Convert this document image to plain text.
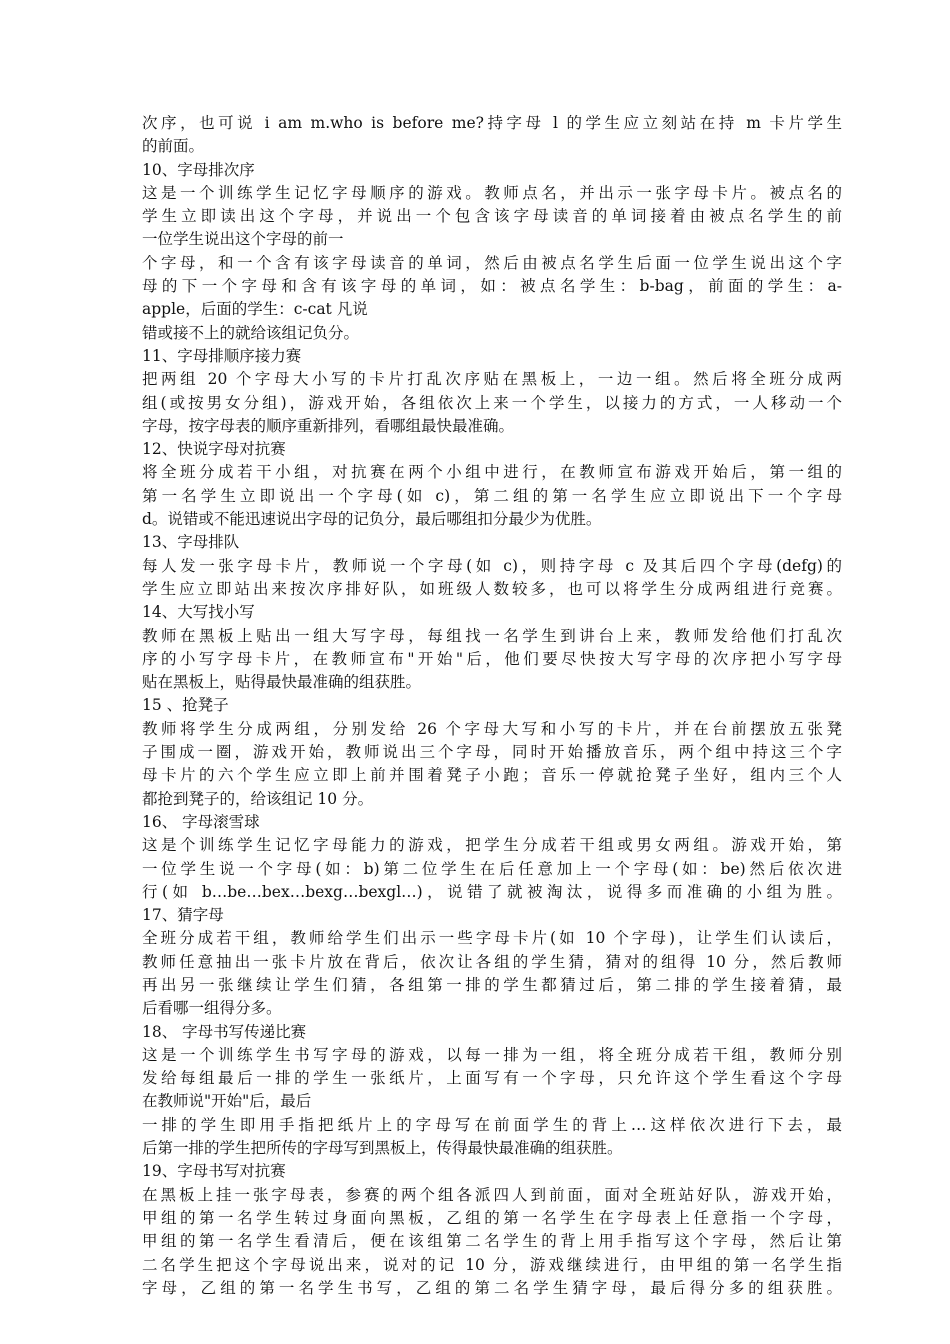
次序，也可说 i am m.who is before me?持字母 l 的学生应立刻站在持 m 卡片学生
的前面。
10、字母排次序
这是一个训练学生记忆字母顺序的游戏。教师点名，并出示一张字母卡片。被点名的
学生立即读出这个字母，并说出一个包含该字母读音的单词接着由被点名学生的前
一位学生说出这个字母的前一
个字母，和一个含有该字母读音的单词，然后由被点名学生后面一位学生说出这个字
母的下一个字母和含有该字母的单词，如：被点名学生：b-bag，前面的学生：a-
apple，后面的学生：c-cat 凡说
错或接不上的就给该组记负分。
11、字母排顺序接力赛
把两组 20 个字母大小写的卡片打乱次序贴在黑板上，一边一组。然后将全班分成两
组(或按男女分组)，游戏开始，各组依次上来一个学生，以接力的方式，一人移动一个
字母，按字母表的顺序重新排列，看哪组最快最准确。
12、快说字母对抗赛
将全班分成若干小组，对抗赛在两个小组中进行，在教师宣布游戏开始后，第一组的
第一名学生立即说出一个字母(如 c)，第二组的第一名学生应立即说出下一个字母
d。说错或不能迅速说出字母的记负分，最后哪组扣分最少为优胜。
13、字母排队
每人发一张字母卡片，教师说一个字母(如 c)，则持字母 c 及其后四个字母(defg)的
学生应立即站出来按次序排好队，如班级人数较多，也可以将学生分成两组进行竞赛。
14、大写找小写
教师在黑板上贴出一组大写字母，每组找一名学生到讲台上来，教师发给他们打乱次
序的小写字母卡片，在教师宣布"开始"后，他们要尽快按大写字母的次序把小写字母
贴在黑板上，贴得最快最准确的组获胜。
15 、抢凳子
教师将学生分成两组，分别发给 26 个字母大写和小写的卡片，并在台前摆放五张凳
子围成一圈，游戏开始，教师说出三个字母，同时开始播放音乐，两个组中持这三个字
母卡片的六个学生应立即上前并围着凳子小跑；音乐一停就抢凳子坐好，组内三个人
都抢到凳子的，给该组记 10 分。
16、 字母滚雪球
这是个训练学生记忆字母能力的游戏，把学生分成若干组或男女两组。游戏开始，第
一位学生说一个字母(如：b)第二位学生在后任意加上一个字母(如：be)然后依次进
行(如 b…be…bex…bexg…bexgl…)，说错了就被淘汰，说得多而准确的小组为胜。
17、猜字母
全班分成若干组，教师给学生们出示一些字母卡片(如 10 个字母)，让学生们认读后，
教师任意抽出一张卡片放在背后，依次让各组的学生猜，猜对的组得 10 分，然后教师
再出另一张继续让学生们猜，各组第一排的学生都猜过后，第二排的学生接着猜，最
后看哪一组得分多。
18、 字母书写传递比赛
这是一个训练学生书写字母的游戏，以每一排为一组，将全班分成若干组，教师分别
发给每组最后一排的学生一张纸片，上面写有一个字母，只允许这个学生看这个字母
在教师说"开始"后，最后
一排的学生即用手指把纸片上的字母写在前面学生的背上…这样依次进行下去，最
后第一排的学生把所传的字母写到黑板上，传得最快最准确的组获胜。
19、字母书写对抗赛
在黑板上挂一张字母表，参赛的两个组各派四人到前面，面对全班站好队，游戏开始，
甲组的第一名学生转过身面向黑板，乙组的第一名学生在字母表上任意指一个字母，
甲组的第一名学生看清后，便在该组第二名学生的背上用手指写这个字母，然后让第
二名学生把这个字母说出来，说对的记 10 分，游戏继续进行，由甲组的第一名学生指
字母，乙组的第一名学生书写，乙组的第二名学生猜字母，最后得分多的组获胜。
